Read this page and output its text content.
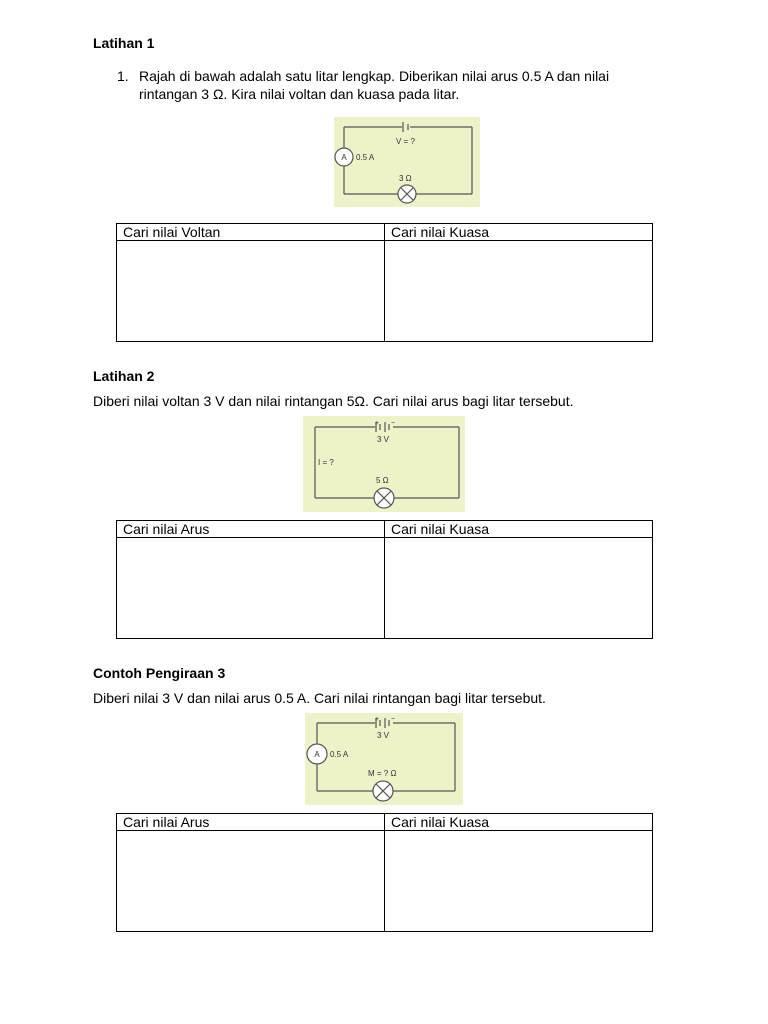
Latihan 1
1. Rajah di bawah adalah satu litar lengkap. Diberikan nilai arus 0.5 A dan nilai
rintangan 3 Ω. Kira nilai voltan dan kuasa pada litar.
A
V = ?
0.5 A
3 Ω
Cari nilai Voltan	Cari nilai Kuasa

Latihan 2
Diberi nilai voltan 3 V dan nilai rintangan 5Ω. Cari nilai arus bagi litar tersebut.
+ −
3 V
I = ?
5 Ω
Cari nilai Arus	Cari nilai Kuasa

Contoh Pengiraan 3
Diberi nilai 3 V dan nilai arus 0.5 A. Cari nilai rintangan bagi litar tersebut.
+ −
A
3 V
0.5 A
M = ? Ω
Cari nilai Arus	Cari nilai Kuasa
